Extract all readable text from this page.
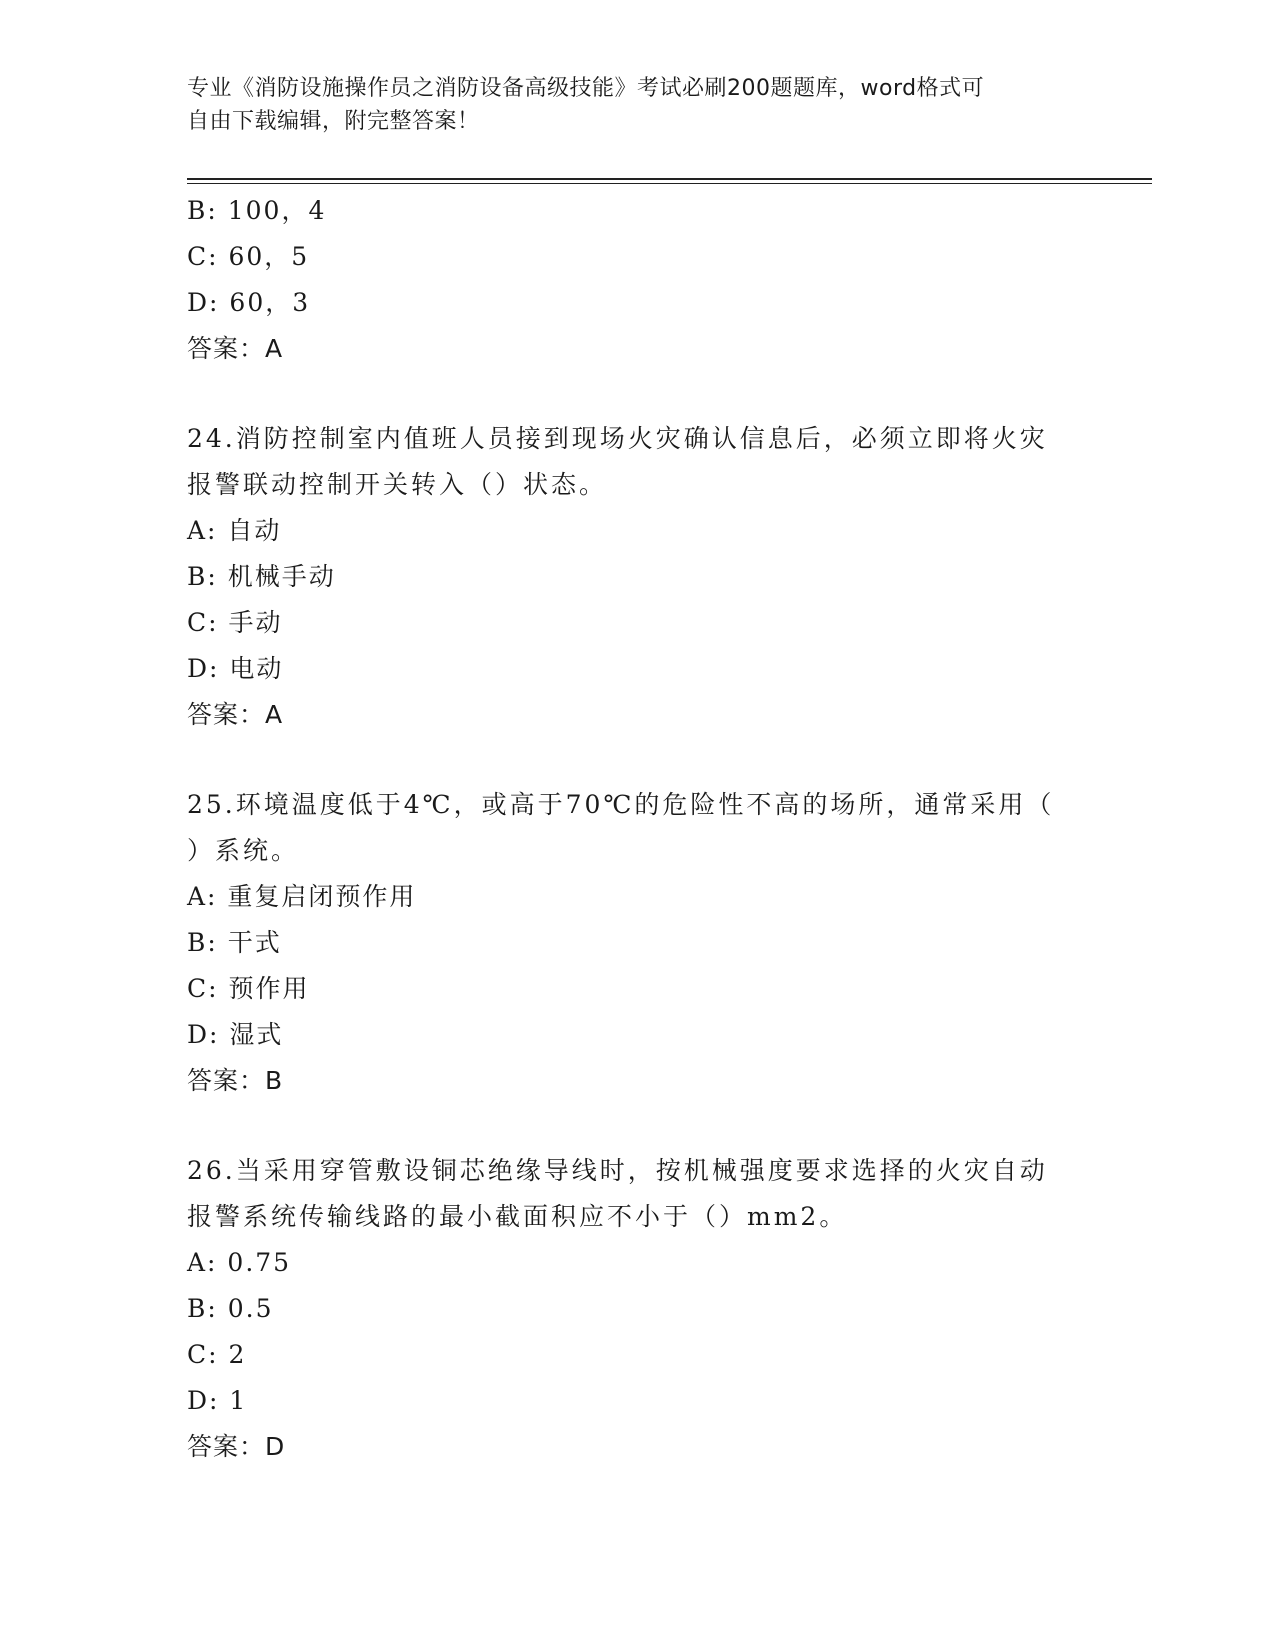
专业《消防设施操作员之消防设备高级技能》考试必刷200题题库，word格式可
自由下载编辑，附完整答案！
B: 100，4
C: 60，5
D: 60，3
答案：A
24.消防控制室内值班人员接到现场火灾确认信息后，必须立即将火灾
报警联动控制开关转入（）状态。
A: 自动
B: 机械手动
C: 手动
D: 电动
答案：A
25.环境温度低于4℃，或高于70℃的危险性不高的场所，通常采用（
）系统。
A: 重复启闭预作用
B: 干式
C: 预作用
D: 湿式
答案：B
26.当采用穿管敷设铜芯绝缘导线时，按机械强度要求选择的火灾自动
报警系统传输线路的最小截面积应不小于（）mm2。
A: 0.75
B: 0.5
C: 2
D: 1
答案：D
